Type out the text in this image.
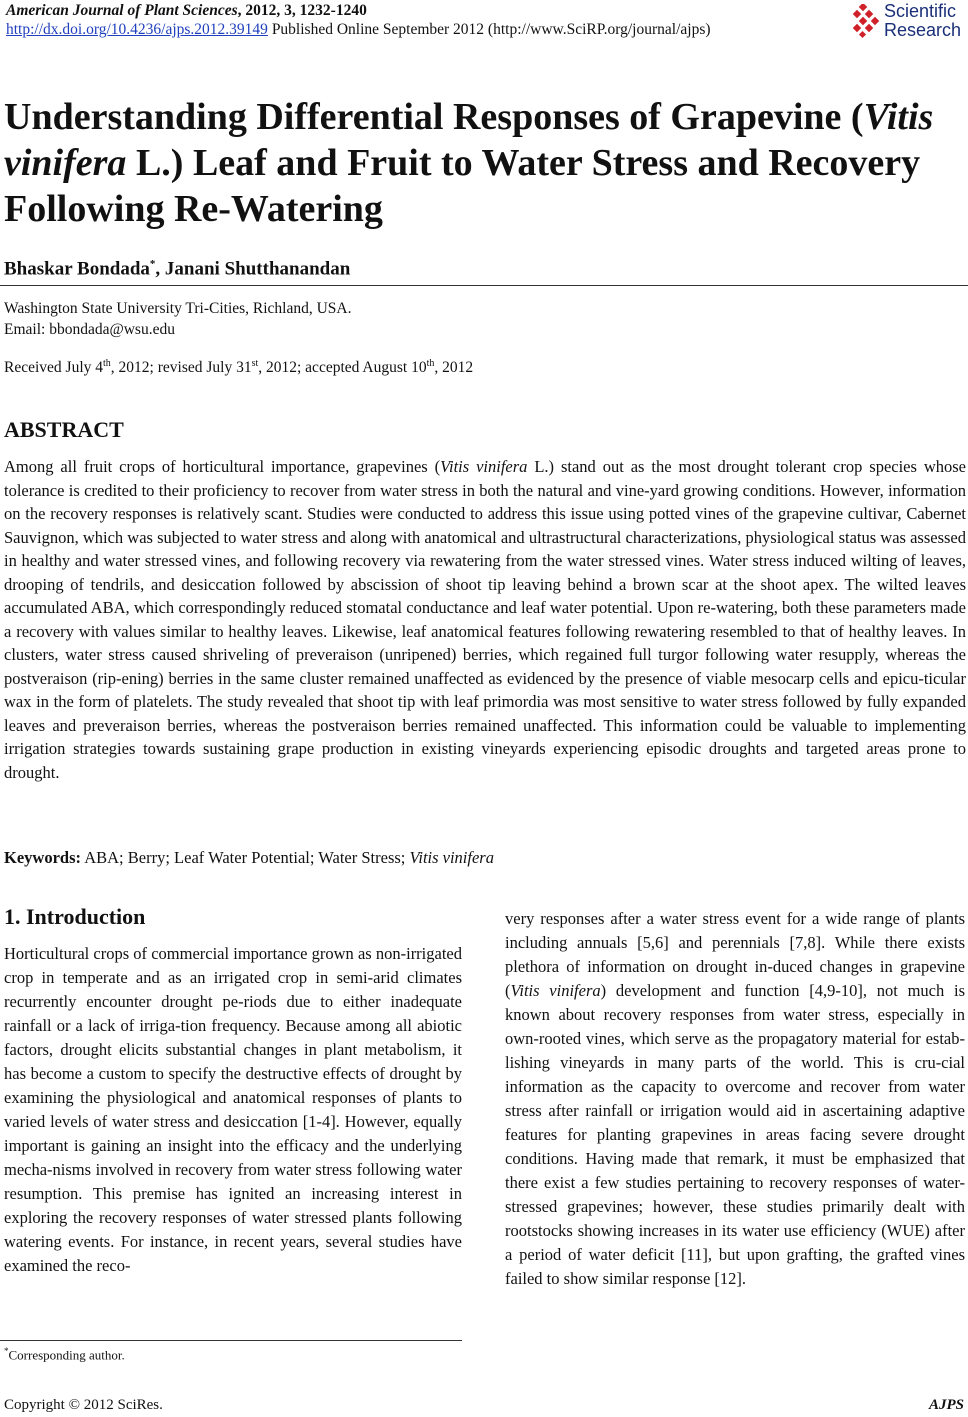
American Journal of Plant Sciences, 2012, 3, 1232-1240
http://dx.doi.org/10.4236/ajps.2012.39149 Published Online September 2012 (http://www.SciRP.org/journal/ajps)
Scientific
Research
Understanding Differential Responses of Grapevine (Vitis vinifera L.) Leaf and Fruit to Water Stress and Recovery Following Re-Watering
Bhaskar Bondada*, Janani Shutthanandan
Washington State University Tri-Cities, Richland, USA.
Email: bbondada@wsu.edu
Received July 4th, 2012; revised July 31st, 2012; accepted August 10th, 2012
ABSTRACT
Among all fruit crops of horticultural importance, grapevines (Vitis vinifera L.) stand out as the most drought tolerant crop species whose tolerance is credited to their proficiency to recover from water stress in both the natural and vine-yard growing conditions. However, information on the recovery responses is relatively scant. Studies were conducted to address this issue using potted vines of the grapevine cultivar, Cabernet Sauvignon, which was subjected to water stress and along with anatomical and ultrastructural characterizations, physiological status was assessed in healthy and water stressed vines, and following recovery via rewatering from the water stressed vines. Water stress induced wilting of leaves, drooping of tendrils, and desiccation followed by abscission of shoot tip leaving behind a brown scar at the shoot apex. The wilted leaves accumulated ABA, which correspondingly reduced stomatal conductance and leaf water potential. Upon re-watering, both these parameters made a recovery with values similar to healthy leaves. Likewise, leaf anatomical features following rewatering resembled to that of healthy leaves. In clusters, water stress caused shriveling of preveraison (unripened) berries, which regained full turgor following water resupply, whereas the postveraison (rip-ening) berries in the same cluster remained unaffected as evidenced by the presence of viable mesocarp cells and epicu-ticular wax in the form of platelets. The study revealed that shoot tip with leaf primordia was most sensitive to water stress followed by fully expanded leaves and preveraison berries, whereas the postveraison berries remained unaffected. This information could be valuable to implementing irrigation strategies towards sustaining grape production in existing vineyards experiencing episodic droughts and targeted areas prone to drought.
Keywords: ABA; Berry; Leaf Water Potential; Water Stress; Vitis vinifera
1. Introduction
Horticultural crops of commercial importance grown as non-irrigated crop in temperate and as an irrigated crop in semi-arid climates recurrently encounter drought pe-riods due to either inadequate rainfall or a lack of irriga-tion frequency. Because among all abiotic factors, drought elicits substantial changes in plant metabolism, it has become a custom to specify the destructive effects of drought by examining the physiological and anatomical responses of plants to varied levels of water stress and desiccation [1-4]. However, equally important is gaining an insight into the efficacy and the underlying mecha-nisms involved in recovery from water stress following water resumption. This premise has ignited an increasing interest in exploring the recovery responses of water stressed plants following watering events. For instance, in recent years, several studies have examined the reco-
very responses after a water stress event for a wide range of plants including annuals [5,6] and perennials [7,8]. While there exists plethora of information on drought in-duced changes in grapevine (Vitis vinifera) development and function [4,9-10], not much is known about recovery responses from water stress, especially in own-rooted vines, which serve as the propagatory material for estab-lishing vineyards in many parts of the world. This is cru-cial information as the capacity to overcome and recover from water stress after rainfall or irrigation would aid in ascertaining adaptive features for planting grapevines in areas facing severe drought conditions. Having made that remark, it must be emphasized that there exist a few studies pertaining to recovery responses of water-stressed grapevines; however, these studies primarily dealt with rootstocks showing increases in its water use efficiency (WUE) after a period of water deficit [11], but upon grafting, the grafted vines failed to show similar response [12].
*Corresponding author.
Copyright © 2012 SciRes.	AJPS
